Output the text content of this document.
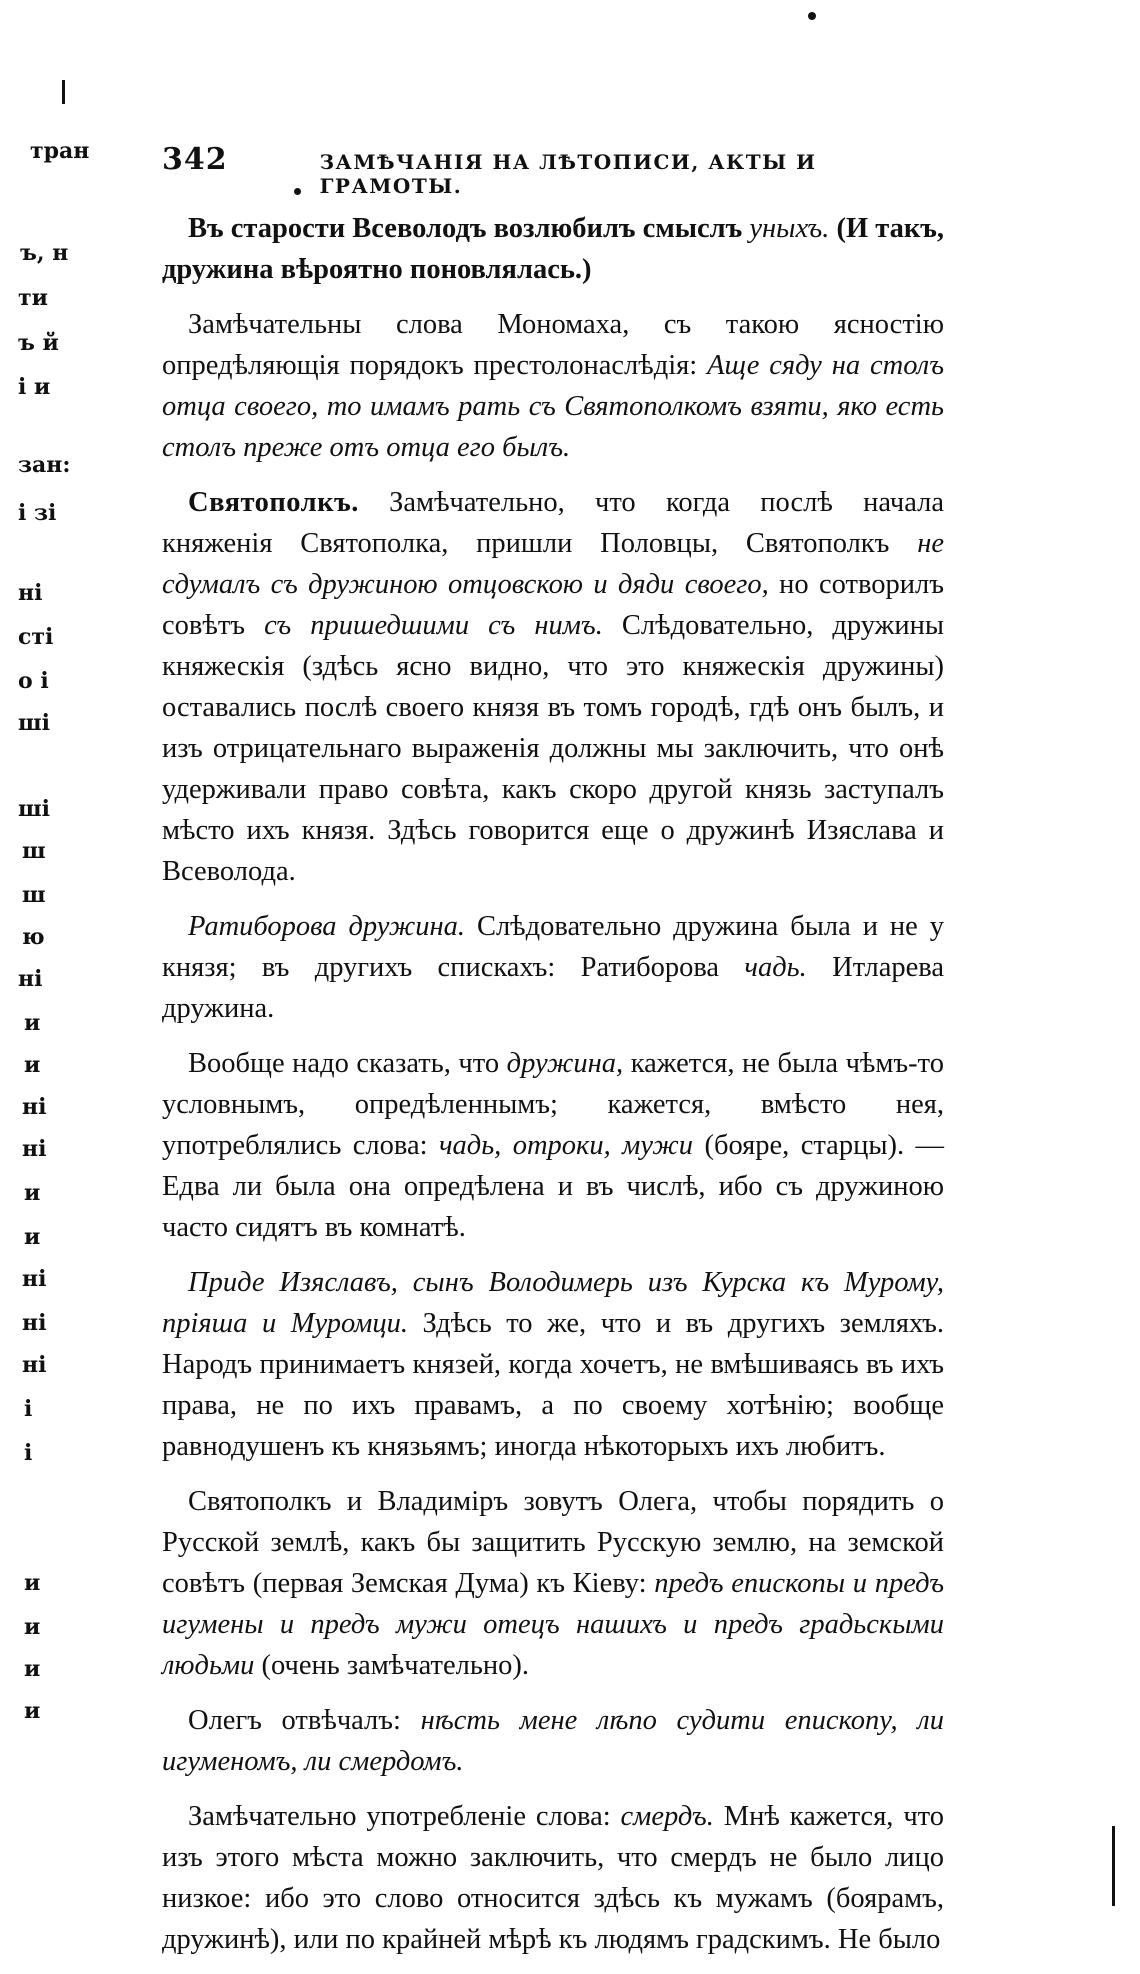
тран
ъ, н
ти
ъ й
і и
зан:
і зі
ні
сті
о і
ші
ші
ш
ш
ю
ні
и
и
ні
ні
и
и
ні
ні
ні
і
і
и
и
и
и
342	ЗАМѢЧАНІЯ НА ЛѢТОПИСИ, АКТЫ И ГРАМОТЫ.

Въ старости Всеволодъ возлюбилъ смыслъ уныхъ. (И такъ, дружина вѣроятно поновлялась.)

Замѣчательны слова Мономаха, съ такою ясностію опредѣляющія порядокъ престолонаслѣдія: Аще сяду на столъ отца своего, то имамъ рать съ Святополкомъ взяти, яко есть столъ преже отъ отца его былъ.

Святополкъ. Замѣчательно, что когда послѣ начала княженія Святополка, пришли Половцы, Святополкъ не сдумалъ съ дружиною отцовскою и дяди своего, но сотворилъ совѣтъ съ пришедшими съ нимъ. Слѣдовательно, дружины княжескія (здѣсь ясно видно, что это княжескія дружины) оставались послѣ своего князя въ томъ городѣ, гдѣ онъ былъ, и изъ отрицательнаго выраженія должны мы заключить, что онѣ удерживали право совѣта, какъ скоро другой князь заступалъ мѣсто ихъ князя. Здѣсь говорится еще о дружинѣ Изяслава и Всеволода.

Ратиборова дружина. Слѣдовательно дружина была и не у князя; въ другихъ спискахъ: Ратиборова чадь. Итларева дружина.

Вообще надо сказать, что дружина, кажется, не была чѣмъ-то условнымъ, опредѣленнымъ; кажется, вмѣсто нея, употреблялись слова: чадь, отроки, мужи (бояре, старцы). — Едва ли была она опредѣлена и въ числѣ, ибо съ дружиною часто сидятъ въ комнатѣ.

Приде Изяславъ, сынъ Володимерь изъ Курска къ Мурому, пріяша и Муромци. Здѣсь то же, что и въ другихъ земляхъ. Народъ принимаетъ князей, когда хочетъ, не вмѣшиваясь въ ихъ права, не по ихъ правамъ, а по своему хотѣнію; вообще равнодушенъ къ князьямъ; иногда нѣкоторыхъ ихъ любитъ.

Святополкъ и Владиміръ зовутъ Олега, чтобы порядить о Русской землѣ, какъ бы защитить Русскую землю, на земской совѣтъ (первая Земская Дума) къ Кіеву: предъ епископы и предъ игумены и предъ мужи отецъ нашихъ и предъ градьскыми людьми (очень замѣчательно).

Олегъ отвѣчалъ: нѣсть мене лѣпо судити епископу, ли игуменомъ, ли смердомъ.

Замѣчательно употребленіе слова: смердъ. Мнѣ кажется, что изъ этого мѣста можно заключить, что смердъ не было лицо низкое: ибо это слово относится здѣсь къ мужамъ (боярамъ, дружинѣ), или по крайней мѣрѣ къ людямъ градскимъ. Не было
